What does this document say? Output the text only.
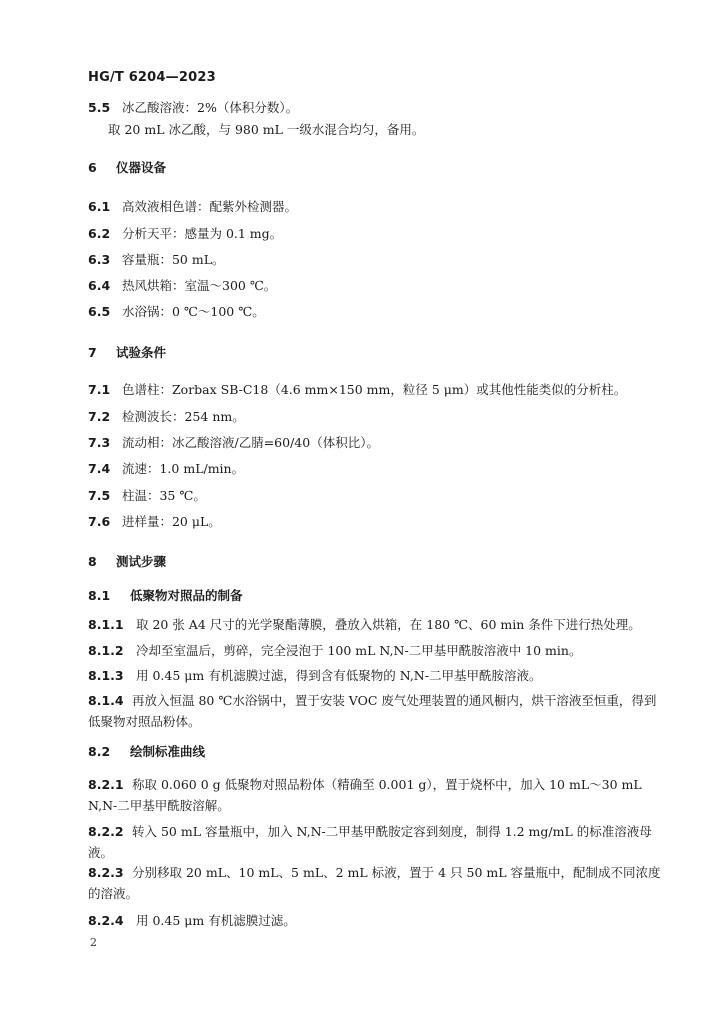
HG/T 6204—2023
5.5 冰乙酸溶液：2%（体积分数）。
取 20 mL 冰乙酸，与 980 mL 一级水混合均匀，备用。
6 仪器设备
6.1 高效液相色谱：配紫外检测器。
6.2 分析天平：感量为 0.1 mg。
6.3 容量瓶：50 mL。
6.4 热风烘箱：室温～300 ℃。
6.5 水浴锅：0 ℃～100 ℃。
7 试验条件
7.1 色谱柱：Zorbax SB-C18（4.6 mm×150 mm，粒径 5 μm）或其他性能类似的分析柱。
7.2 检测波长：254 nm。
7.3 流动相：冰乙酸溶液/乙腈=60/40（体积比）。
7.4 流速：1.0 mL/min。
7.5 柱温：35 ℃。
7.6 进样量：20 μL。
8 测试步骤
8.1 低聚物对照品的制备
8.1.1 取 20 张 A4 尺寸的光学聚酯薄膜，叠放入烘箱，在 180 ℃、60 min 条件下进行热处理。
8.1.2 冷却至室温后，剪碎，完全浸泡于 100 mL N,N-二甲基甲酰胺溶液中 10 min。
8.1.3 用 0.45 μm 有机滤膜过滤，得到含有低聚物的 N,N-二甲基甲酰胺溶液。
8.1.4 再放入恒温 80 ℃水浴锅中，置于安装 VOC 废气处理装置的通风橱内，烘干溶液至恒重，得到低聚物对照品粉体。
8.2 绘制标准曲线
8.2.1 称取 0.060 0 g 低聚物对照品粉体（精确至 0.001 g），置于烧杯中，加入 10 mL～30 mL N,N-二甲基甲酰胺溶解。
8.2.2 转入 50 mL 容量瓶中，加入 N,N-二甲基甲酰胺定容到刻度，制得 1.2 mg/mL 的标准溶液母液。
8.2.3 分别移取 20 mL、10 mL、5 mL、2 mL 标液，置于 4 只 50 mL 容量瓶中，配制成不同浓度的溶液。
8.2.4 用 0.45 μm 有机滤膜过滤。
2
